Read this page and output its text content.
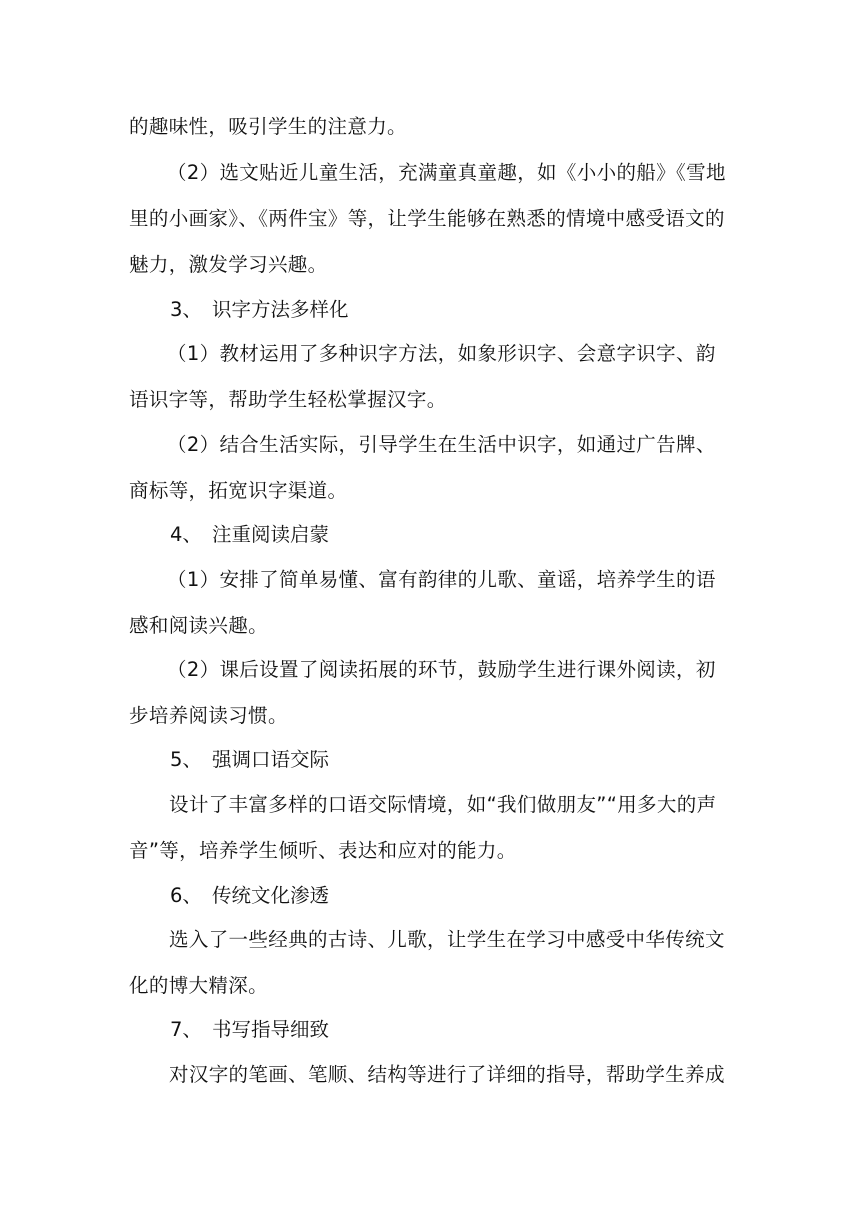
的趣味性，吸引学生的注意力。

（2）选文贴近儿童生活，充满童真童趣，如《小小的船》《雪地里的小画家》、《两件宝》等，让学生能够在熟悉的情境中感受语文的魅力，激发学习兴趣。

3、 识字方法多样化

（1）教材运用了多种识字方法，如象形识字、会意字识字、韵语识字等，帮助学生轻松掌握汉字。

（2）结合生活实际，引导学生在生活中识字，如通过广告牌、商标等，拓宽识字渠道。

4、 注重阅读启蒙

（1）安排了简单易懂、富有韵律的儿歌、童谣，培养学生的语感和阅读兴趣。

（2）课后设置了阅读拓展的环节，鼓励学生进行课外阅读，初步培养阅读习惯。

5、 强调口语交际

设计了丰富多样的口语交际情境，如“我们做朋友”“用多大的声音”等，培养学生倾听、表达和应对的能力。

6、 传统文化渗透

选入了一些经典的古诗、儿歌，让学生在学习中感受中华传统文化的博大精深。

7、 书写指导细致

对汉字的笔画、笔顺、结构等进行了详细的指导，帮助学生养成
